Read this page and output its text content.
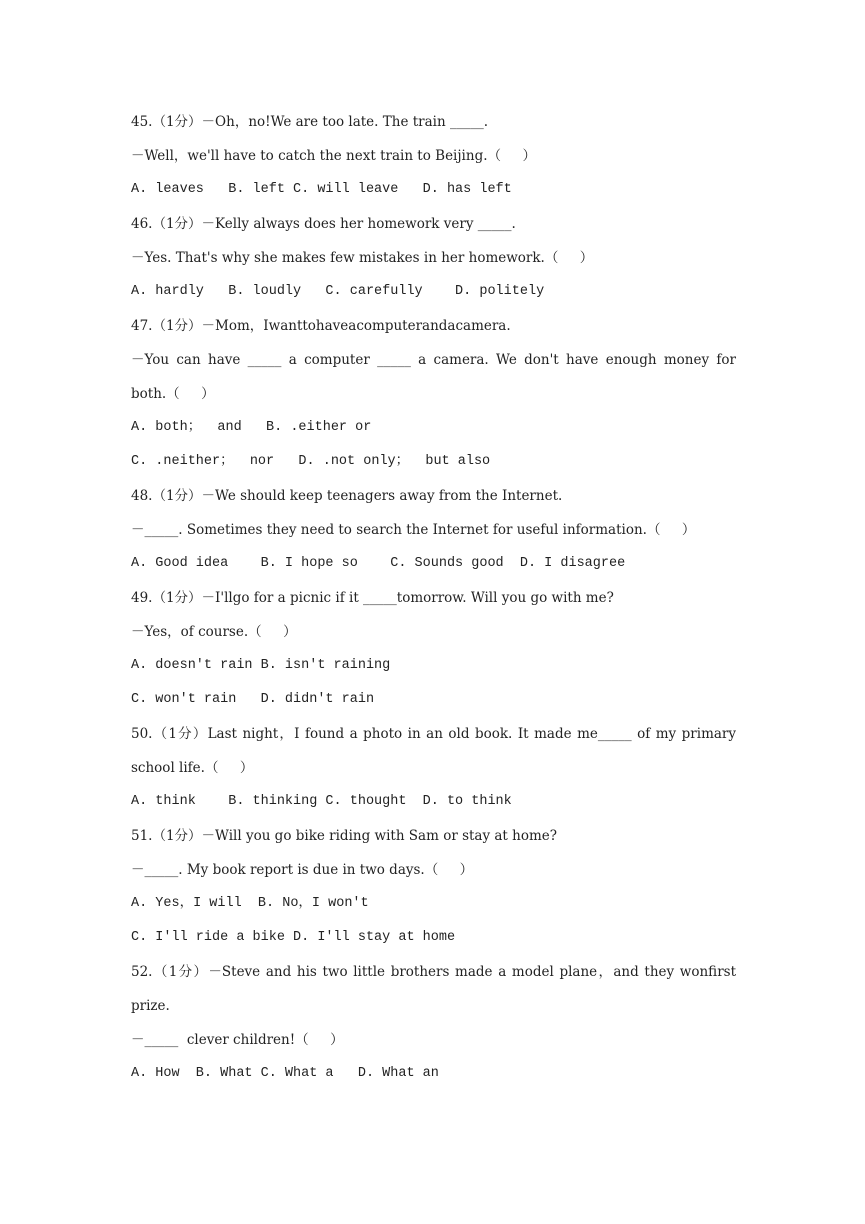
45.（1分）－Oh，no!We are too late. The train _____.
－Well，we'll have to catch the next train to Beijing.（     ）
A. leaves   B. left C. will leave   D. has left
46.（1分）－Kelly always does her homework very _____.
－Yes. That's why she makes few mistakes in her homework.（     ）
A. hardly   B. loudly   C. carefully    D. politely
47.（1分）－Mom，Iwanttohaveacomputerandacamera.
－You can have _____ a computer _____ a camera. We don't have enough money for
both.（     ）
A. both；  and   B. .either or
C. .neither；  nor   D. .not only；  but also
48.（1分）－We should keep teenagers away from the Internet.
－_____. Sometimes they need to search the Internet for useful information.（     ）
A. Good idea    B. I hope so    C. Sounds good  D. I disagree
49.（1分）－I'llgo for a picnic if it _____tomorrow. Will you go with me?
－Yes，of course.（     ）
A. doesn't rain B. isn't raining
C. won't rain   D. didn't rain
50.（1分）Last night，I found a photo in an old book. It made me_____ of my primary
school life.（     ）
A. think    B. thinking C. thought  D. to think
51.（1分）－Will you go bike riding with Sam or stay at home?
－_____. My book report is due in two days.（     ）
A. Yes，I will  B. No，I won't
C. I'll ride a bike D. I'll stay at home
52.（1分）－Steve and his two little brothers made a model plane，and they wonfirst
prize.
－_____  clever children!（     ）
A. How  B. What C. What a   D. What an
